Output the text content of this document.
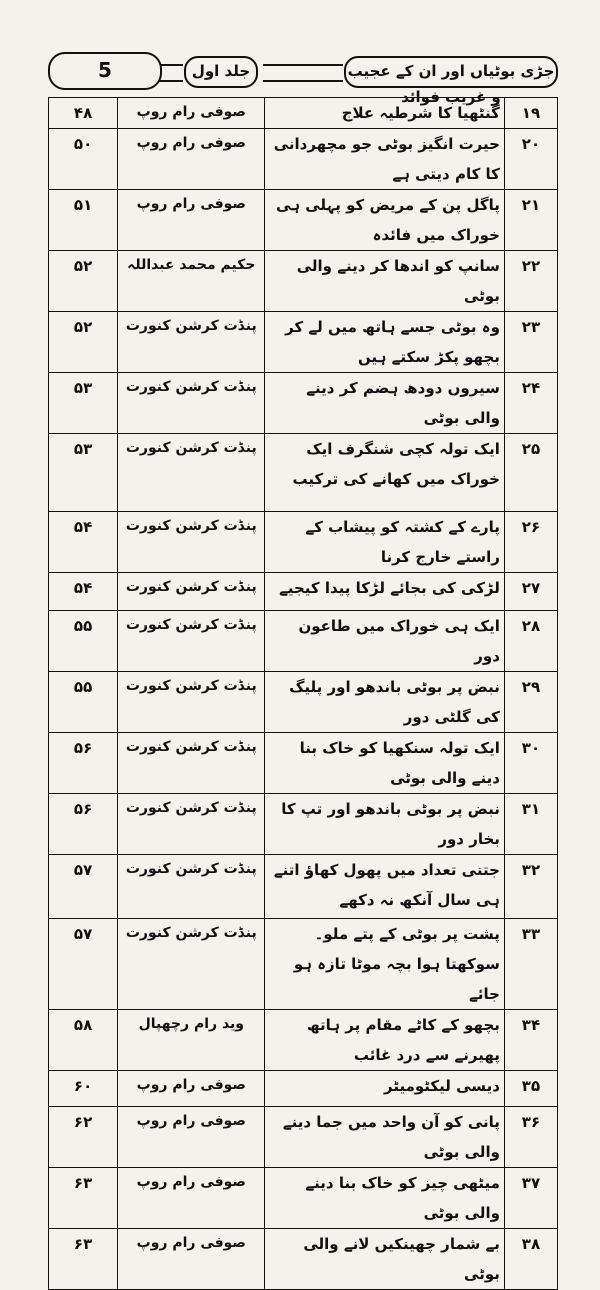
جڑی بوٹیاں اور ان کے عجیب و غریب فوائد
جلد اول
5
۱۹	گنٹھیا کا شرطیہ علاج	صوفی رام روپ	۴۸
۲۰	حیرت انگیز بوٹی جو مچھردانی کا کام دیتی ہے	صوفی رام روپ	۵۰
۲۱	پاگل پن کے مریض کو پہلی ہی خوراک میں فائدہ	صوفی رام روپ	۵۱
۲۲	سانپ کو اندھا کر دینے والی بوٹی	حکیم محمد عبداللہ	۵۲
۲۳	وہ بوٹی جسے ہاتھ میں لے کر بچھو پکڑ سکتے ہیں	پنڈت کرشن کنورت	۵۲
۲۴	سیروں دودھ ہضم کر دینے والی بوٹی	پنڈت کرشن کنورت	۵۳
۲۵	ایک تولہ کچی شنگرف ایک خوراک میں کھانے کی ترکیب	پنڈت کرشن کنورت	۵۳
۲۶	پارے کے کشتہ کو پیشاب کے راستے خارج کرنا	پنڈت کرشن کنورت	۵۴
۲۷	لڑکی کی بجائے لڑکا پیدا کیجیے	پنڈت کرشن کنورت	۵۴
۲۸	ایک ہی خوراک میں طاعون دور	پنڈت کرشن کنورت	۵۵
۲۹	نبض پر بوٹی باندھو اور پلیگ کی گلٹی دور	پنڈت کرشن کنورت	۵۵
۳۰	ایک تولہ سنکھیا کو خاک بنا دینے والی بوٹی	پنڈت کرشن کنورت	۵۶
۳۱	نبض پر بوٹی باندھو اور تپ کا بخار دور	پنڈت کرشن کنورت	۵۶
۳۲	جتنی تعداد میں پھول کھاؤ اتنے ہی سال آنکھ نہ دکھے	پنڈت کرشن کنورت	۵۷
۳۳	پشت پر بوٹی کے پتے ملو۔ سوکھتا ہوا بچہ موٹا تازہ ہو جائے	پنڈت کرشن کنورت	۵۷
۳۴	بچھو کے کاٹے مقام پر ہاتھ پھیرنے سے درد غائب	وید رام رچھپال	۵۸
۳۵	دیسی لیکٹومیٹر	صوفی رام روپ	۶۰
۳۶	پانی کو آن واحد میں جما دینے والی بوٹی	صوفی رام روپ	۶۲
۳۷	میٹھی چیز کو خاک بنا دینے والی بوٹی	صوفی رام روپ	۶۳
۳۸	بے شمار چھینکیں لانے والی بوٹی	صوفی رام روپ	۶۳
